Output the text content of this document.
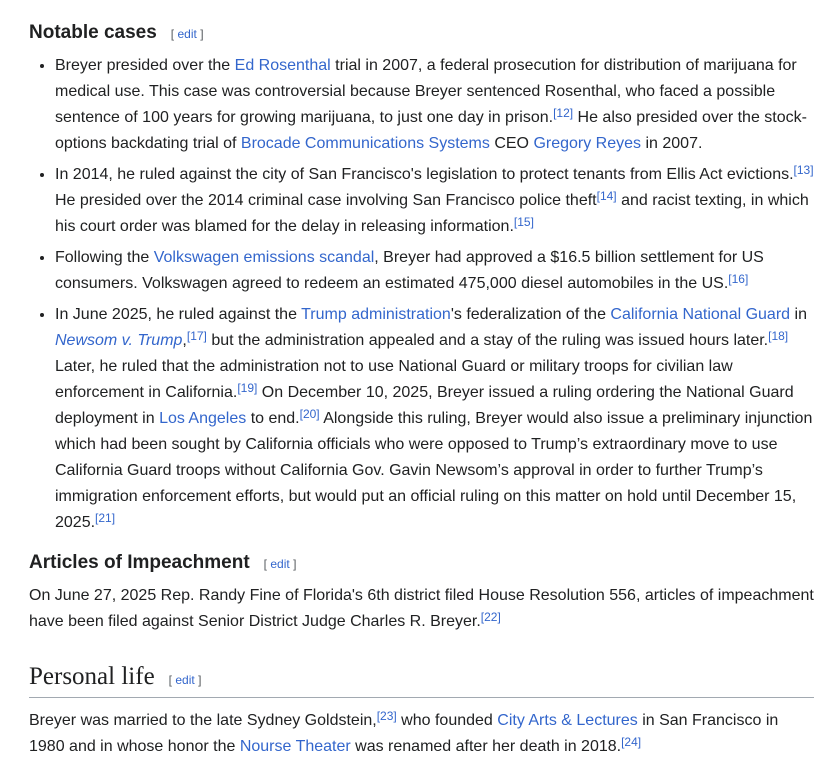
Notable cases [ edit ]
• Breyer presided over the Ed Rosenthal trial in 2007, a federal prosecution for distribution of marijuana for medical use. This case was controversial because Breyer sentenced Rosenthal, who faced a possible sentence of 100 years for growing marijuana, to just one day in prison.[12] He also presided over the stock-options backdating trial of Brocade Communications Systems CEO Gregory Reyes in 2007.
• In 2014, he ruled against the city of San Francisco's legislation to protect tenants from Ellis Act evictions.[13] He presided over the 2014 criminal case involving San Francisco police theft[14] and racist texting, in which his court order was blamed for the delay in releasing information.[15]
• Following the Volkswagen emissions scandal, Breyer had approved a $16.5 billion settlement for US consumers. Volkswagen agreed to redeem an estimated 475,000 diesel automobiles in the US.[16]
• In June 2025, he ruled against the Trump administration's federalization of the California National Guard in Newsom v. Trump,[17] but the administration appealed and a stay of the ruling was issued hours later.[18] Later, he ruled that the administration not to use National Guard or military troops for civilian law enforcement in California.[19] On December 10, 2025, Breyer issued a ruling ordering the National Guard deployment in Los Angeles to end.[20] Alongside this ruling, Breyer would also issue a preliminary injunction which had been sought by California officials who were opposed to Trump’s extraordinary move to use California Guard troops without California Gov. Gavin Newsom’s approval in order to further Trump’s immigration enforcement efforts, but would put an official ruling on this matter on hold until December 15, 2025.[21]
Articles of Impeachment [ edit ]

On June 27, 2025 Rep. Randy Fine of Florida's 6th district filed House Resolution 556, articles of impeachment have been filed against Senior District Judge Charles R. Breyer.[22]

Personal life [ edit ]

Breyer was married to the late Sydney Goldstein,[23] who founded City Arts & Lectures in San Francisco in 1980 and in whose honor the Nourse Theater was renamed after her death in 2018.[24]
